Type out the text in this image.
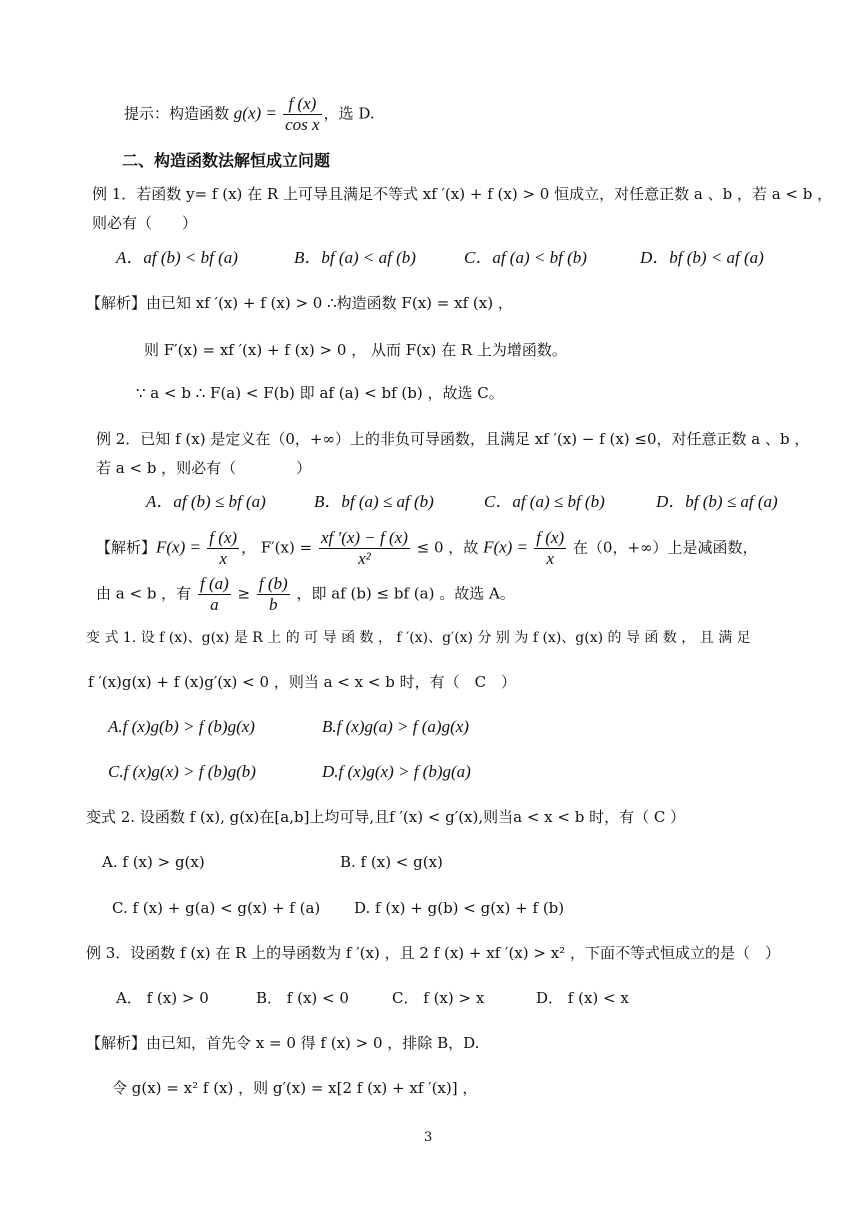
提示：构造函数 $g(x) = \frac{f (x)}{\text{cos x}}$ ，选 D.
二、构造函数法解恒成立问题
例 1．若函数 y= f (x) 在 R 上可导且满足不等式 xf ′(x) + f (x) > 0 恒成立，对任意正数 a 、b ，若 a < b ，
则必有（　　）
A．af (b) < bf (a)	B．bf (a) < af (b)	C．af (a) < bf (b)	D．bf (b) < af (a)
【解析】由已知 xf ′(x) + f (x) > 0 ∴构造函数 F(x) = xf (x) ，
则 F′(x) = xf ′(x) + f (x) > 0 ， 从而 F(x) 在 R 上为增函数。
∵ a < b ∴ F(a) < F(b) 即 af (a) < bf (b) ，故选 C。
例 2．已知 f (x) 是定义在（0，+∞）上的非负可导函数，且满足 xf ′(x) − f (x) ≤0，对任意正数 a 、b ，
若 a < b ，则必有（　　　　）
A．af (b) ≤ bf (a)	B．bf (a) ≤ af (b)	C．af (a) ≤ bf (b)	D．bf (b) ≤ af (a)
【解析】$F(x) = \frac{f (x)}{x}$ ， $F'(x) = \frac{xf '(x) - f (x)}{\text{x²}} \le 0$ ，故 $F(x) = \frac{f (x)}{x}$ 在（0，+∞）上是减函数，
由 a < b ，有 $\frac{f (a)}{a} \ge \frac{f (b)}{b}$ ，即 af (b) ≤ bf (a) 。故选 A。
变 式 1. 设 f (x)、g(x) 是 R 上 的 可 导 函 数 ， f ′(x)、g′(x) 分 别 为 f (x)、g(x) 的 导 函 数 ， 且 满 足
f ′(x)g(x) + f (x)g′(x) < 0 ，则当 a < x < b 时，有（　C　）
A.f (x)g(b) > f (b)g(x)	B.f (x)g(a) > f (a)g(x)
C.f (x)g(x) > f (b)g(b)	D.f (x)g(x) > f (b)g(a)
变式 2. 设函数 f (x), g(x)在[a,b]上均可导,且f ′(x) < g′(x),则当a < x < b 时，有（ C ）
A. f (x) > g(x)	B. f (x) < g(x)
C. f (x) + g(a) < g(x) + f (a) D. f (x) + g(b) < g(x) + f (b)
例 3．设函数 f (x) 在 R 上的导函数为 f ′(x) ，且 2 f (x) + xf ′(x) > x² ，下面不等式恒成立的是（　）
A． f (x) > 0	B． f (x) < 0	C． f (x) > x	D． f (x) < x
【解析】由已知，首先令 x = 0 得 f (x) > 0 ，排除 B，D.
令 g(x) = x² f (x) ，则 g′(x) = x[2 f (x) + xf ′(x)] ，
3
